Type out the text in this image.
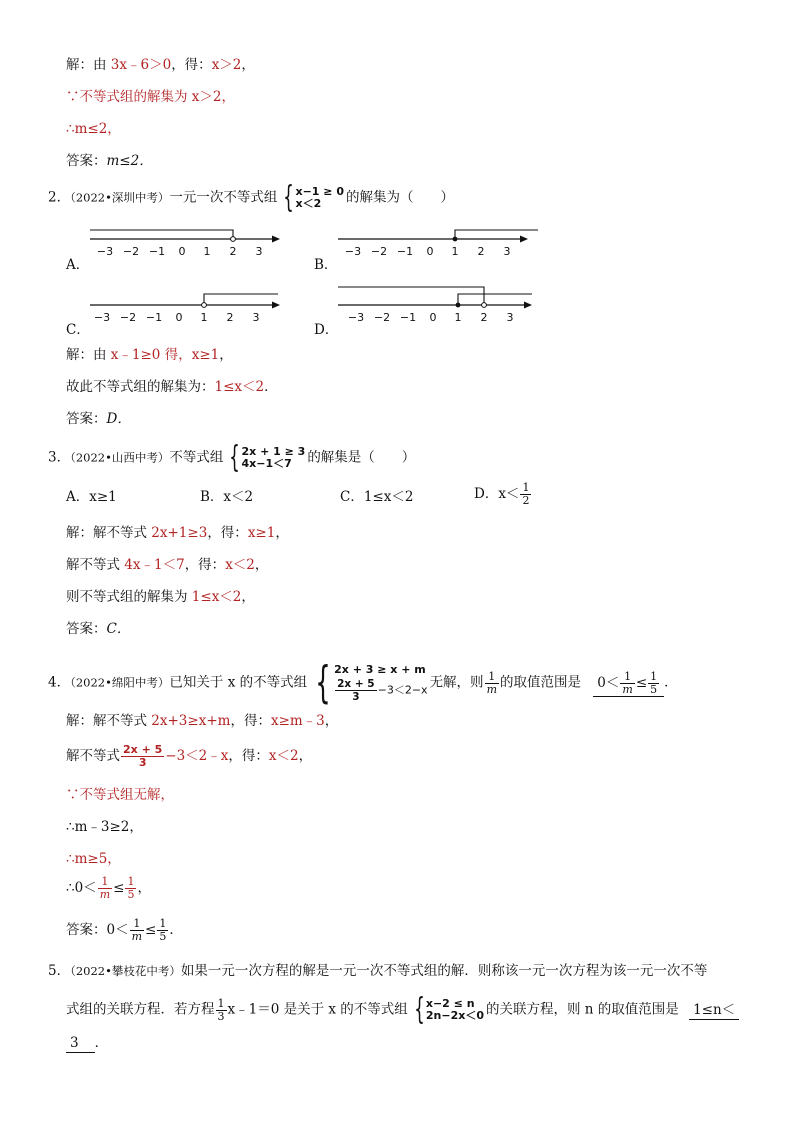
解：由 3x﹣6＞0，得：x＞2，
∵不等式组的解集为 x＞2，
∴m≤2，
答案：m≤2．
2．（2022•深圳中考）一元一次不等式组 { x−1 ≥ 0
x＜2	的解集为（　　）
A．	B．
C．	D．
−3 −2 −1 0 1 2 3	−3 −2 −1 0 1 2 3
−3 −2 −1 0 1 2 3	−3 −2 −1 0 1 2 3
解：由 x﹣1≥0 得，x≥1，
故此不等式组的解集为：1≤x＜2．
答案：D．
3．（2022•山西中考）不等式组 { 2x + 1 ≥ 3
4x−1＜7	的解集是（　　）
A．x≥1	B．x＜2	C．1≤x＜2	D．$x< \frac{1}{2}$
解：解不等式 2x+1≥3，得：x≥1，
解不等式 4x﹣1＜7，得：x＜2，
则不等式组的解集为 1≤x＜2，
答案：C．
4．（2022•绵阳中考）已知关于 x 的不等式组 { 2x + 3 ≥ x + m
$\frac{2x + 5}{3} -3<2-x$ 无解，则 $\frac{1}{m}$ 的取值范围是 $0< \frac{1}{m} \le \frac{1}{5}$ ．
解：解不等式 2x+3≥x+m，得：x≥m﹣3，
解不等式 $\frac{2x + 5}{3}$ −3＜2﹣x，得：x＜2，
∵不等式组无解，
∴m﹣3≥2，
∴m≥5，
∴0＜ $\frac{1}{m} \le \frac{1}{5}$ ，
答案：$0< \frac{1}{m} \le \frac{1}{5}$ ．
5．（2022•攀枝花中考）如果一元一次方程的解是一元一次不等式组的解．则称该一元一次方程为该一元一次不等
式组的关联方程．若方程 $\frac{1}{3}$ x﹣1＝0 是关于 x 的不等式组 { x−2 ≤ n
2n−2x＜0 的关联方程，则 n 的取值范围是 1≤n＜
3 ．
